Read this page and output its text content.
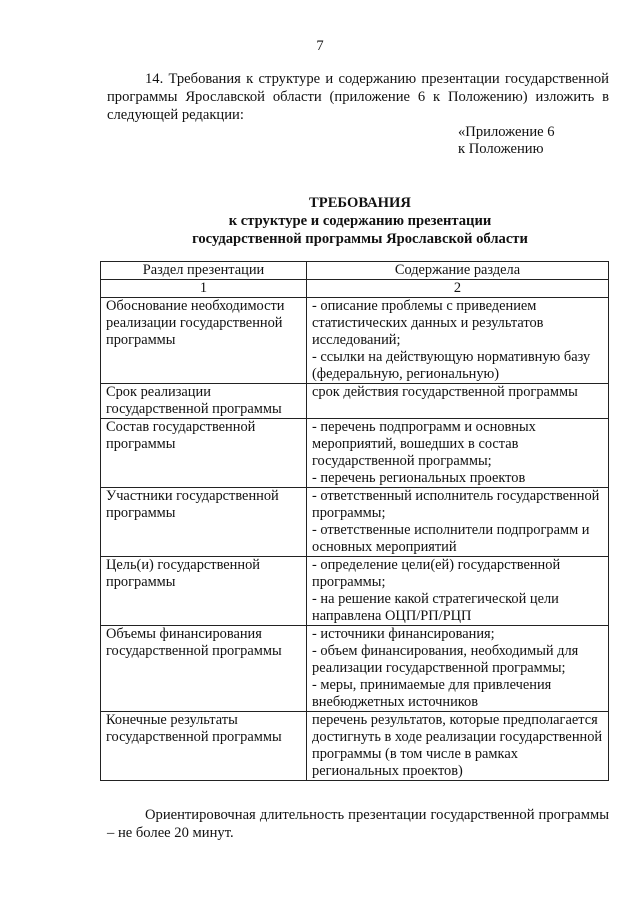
7
14. Требования к структуре и содержанию презентации государственной программы Ярославской области (приложение 6 к Положению) изложить в следующей редакции:
«Приложение 6
к Положению
ТРЕБОВАНИЯ
к структуре и содержанию презентации
государственной программы Ярославской области
Раздел презентации	Содержание раздела
1	2
Обоснование необходимости реализации государственной программы	- описание проблемы с приведением статистических данных и результатов исследований;
- ссылки на действующую нормативную базу (федеральную, региональную)

Срок реализации государственной программы	срок действия государственной программы

Состав государственной программы	- перечень подпрограмм и основных мероприятий, вошедших в состав государственной программы;
- перечень региональных проектов

Участники государственной программы	- ответственный исполнитель государственной программы;
- ответственные исполнители подпрограмм и основных мероприятий

Цель(и) государственной программы	- определение цели(ей) государственной программы;
- на решение какой стратегической цели направлена ОЦП/РП/РЦП

Объемы финансирования государственной программы	- источники финансирования;
- объем финансирования, необходимый для реализации государственной программы;
- меры, принимаемые для привлечения внебюджетных источников

Конечные результаты государственной программы	перечень результатов, которые предполагается достигнуть в ходе реализации государственной программы (в том числе в рамках региональных проектов)
Ориентировочная длительность презентации государственной программы – не более 20 минут.
